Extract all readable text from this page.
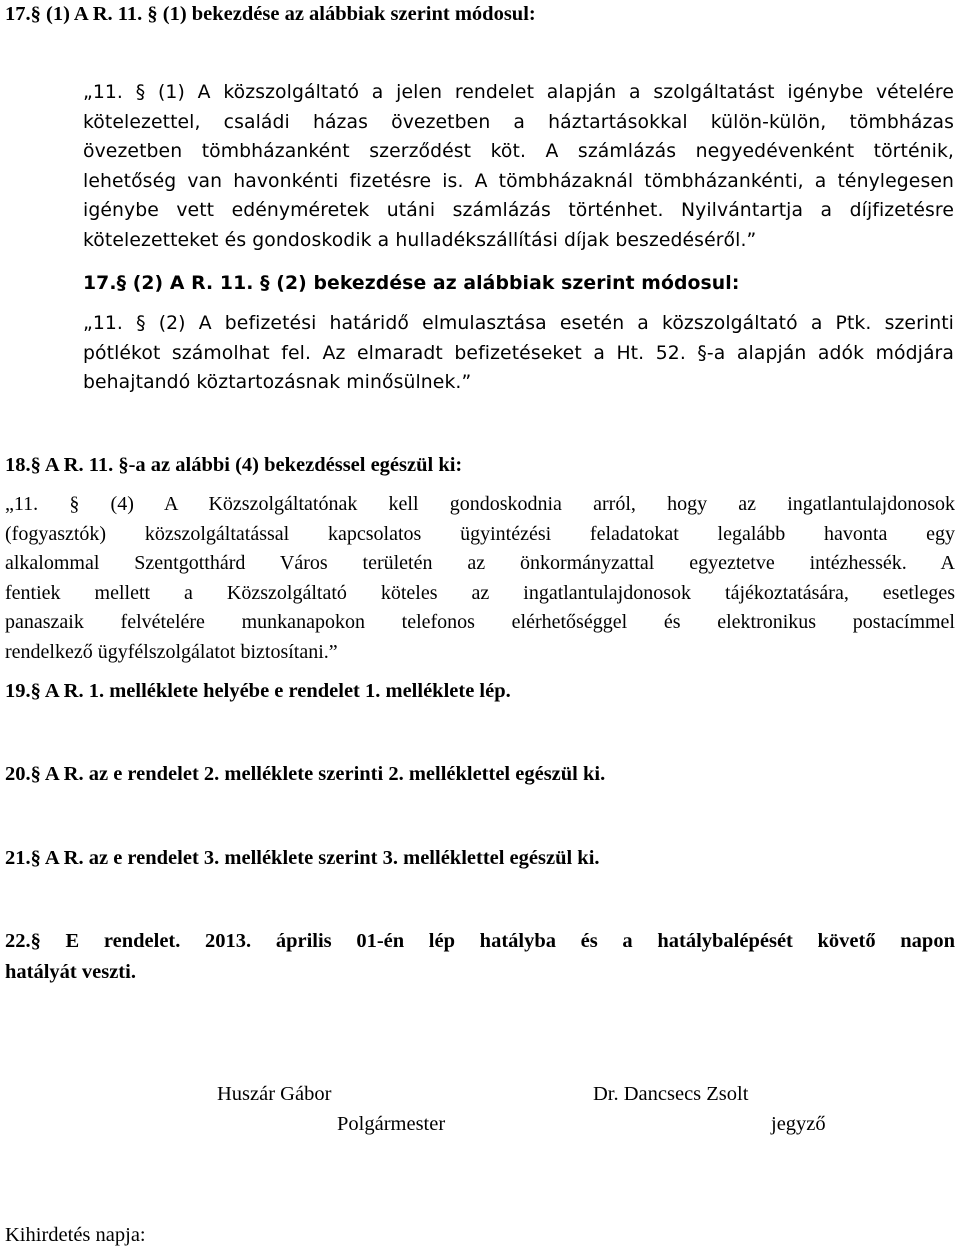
17.§ (1) A R. 11. § (1) bekezdése az alábbiak szerint módosul:
„11. § (1) A közszolgáltató a jelen rendelet alapján a szolgáltatást igénybe vételére
kötelezettel, családi házas övezetben a háztartásokkal külön-külön, tömbházas
övezetben tömbházanként szerződést köt. A számlázás negyedévenként történik,
lehetőség van havonkénti fizetésre is. A tömbházaknál tömbházankénti, a ténylegesen
igénybe vett edényméretek utáni számlázás történhet. Nyilvántartja a díjfizetésre
kötelezetteket és gondoskodik a hulladékszállítási díjak beszedéséről.”
17.§ (2) A R. 11. § (2) bekezdése az alábbiak szerint módosul:
„11. § (2) A befizetési határidő elmulasztása esetén a közszolgáltató a Ptk. szerinti
pótlékot számolhat fel. Az elmaradt befizetéseket a Ht. 52. §-a alapján adók módjára
behajtandó köztartozásnak minősülnek.”
18.§ A R. 11. §-a az alábbi (4) bekezdéssel egészül ki:
„11. § (4) A Közszolgáltatónak kell gondoskodnia arról, hogy az ingatlantulajdonosok
(fogyasztók) közszolgáltatással kapcsolatos ügyintézési feladatokat legalább havonta egy
alkalommal Szentgotthárd Város területén az önkormányzattal egyeztetve intézhessék. A
fentiek mellett a Közszolgáltató köteles az ingatlantulajdonosok tájékoztatására, esetleges
panaszaik felvételére munkanapokon telefonos elérhetőséggel és elektronikus postacímmel
rendelkező ügyfélszolgálatot biztosítani.”
19.§ A R. 1. melléklete helyébe e rendelet 1. melléklete lép.
20.§ A R. az e rendelet 2. melléklete szerinti 2. melléklettel egészül ki.
21.§ A R. az e rendelet 3. melléklete szerint 3. melléklettel egészül ki.
22.§ E rendelet. 2013. április 01-én lép hatályba és a hatálybalépését követő napon
hatályát veszti.
Huszár Gábor
Polgármester
Dr. Dancsecs Zsolt
jegyző
Kihirdetés napja:
